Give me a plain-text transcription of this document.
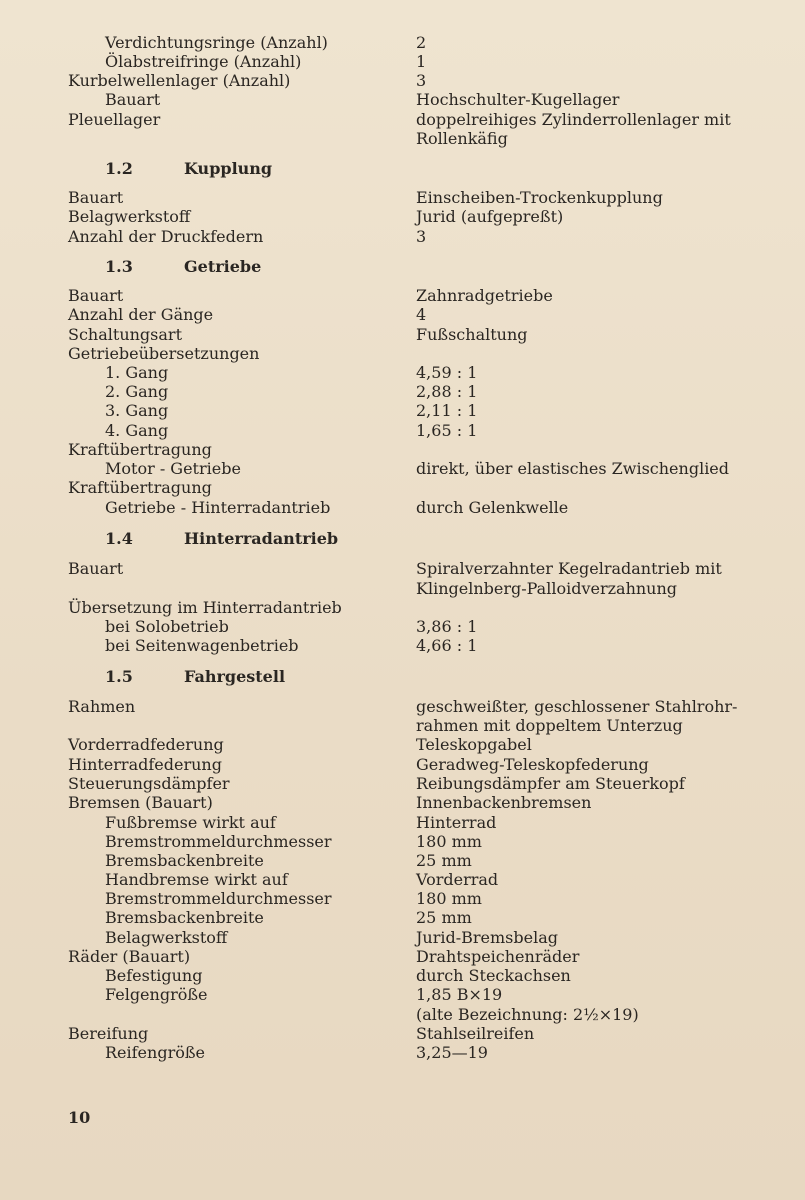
Verdichtungsringe (Anzahl)	2
Ölabstreifringe (Anzahl)	1
Kurbelwellenlager (Anzahl)	3
Bauart	Hochschulter-Kugellager
Pleuellager	doppelreihiges Zylinderrollenlager mit
Rollenkäfig
1.2	Kupplung
Bauart	Einscheiben-Trockenkupplung
Belagwerkstoff	Jurid (aufgepreßt)
Anzahl der Druckfedern	3
1.3	Getriebe
Bauart	Zahnradgetriebe
Anzahl der Gänge	4
Schaltungsart	Fußschaltung
Getriebeübersetzungen
1. Gang	4,59 : 1
2. Gang	2,88 : 1
3. Gang	2,11 : 1
4. Gang	1,65 : 1
Kraftübertragung
Motor - Getriebe	direkt, über elastisches Zwischenglied
Kraftübertragung
Getriebe - Hinterradantrieb	durch Gelenkwelle
1.4	Hinterradantrieb
Bauart	Spiralverzahnter Kegelradantrieb mit
Klingelnberg-Palloidverzahnung
Übersetzung im Hinterradantrieb
bei Solobetrieb	3,86 : 1
bei Seitenwagenbetrieb	4,66 : 1
1.5	Fahrgestell
Rahmen	geschweißter, geschlossener Stahlrohr-
rahmen mit doppeltem Unterzug
Vorderradfederung	Teleskopgabel
Hinterradfederung	Geradweg-Teleskopfederung
Steuerungsdämpfer	Reibungsdämpfer am Steuerkopf
Bremsen (Bauart)	Innenbackenbremsen
Fußbremse wirkt auf	Hinterrad
Bremstrommeldurchmesser	180 mm
Bremsbackenbreite	25 mm
Handbremse wirkt auf	Vorderrad
Bremstrommeldurchmesser	180 mm
Bremsbackenbreite	25 mm
Belagwerkstoff	Jurid-Bremsbelag
Räder (Bauart)	Drahtspeichenräder
Befestigung	durch Steckachsen
Felgengröße	1,85 B×19
(alte Bezeichnung: 2½×19)
Bereifung	Stahlseilreifen
Reifengröße	3,25—19
10
